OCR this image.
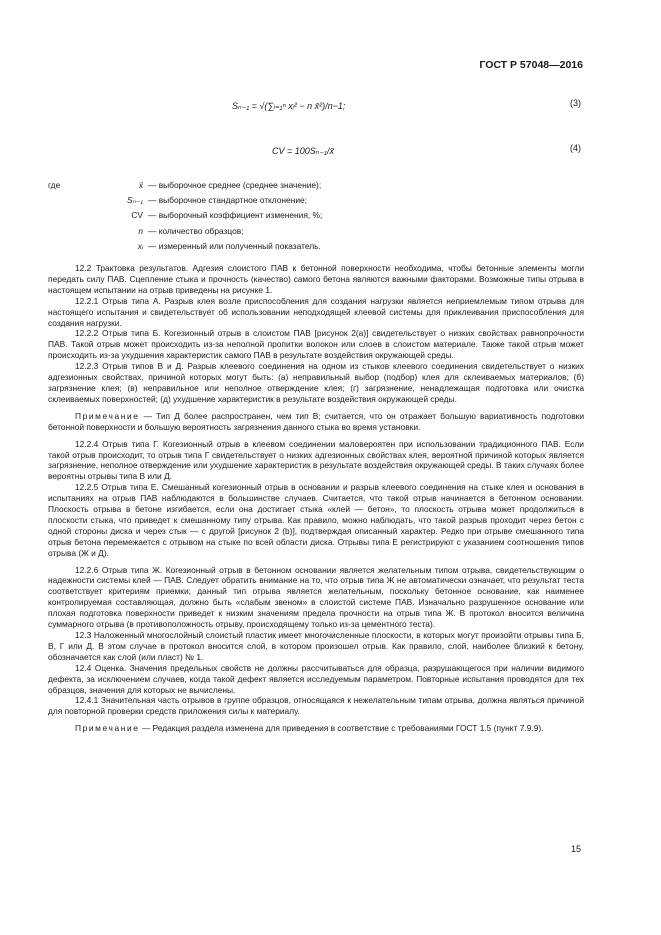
ГОСТ Р 57048—2016
Sₙ₋₁ = √(∑ᵢ₌₁ⁿ xᵢ² − n x̄²)/n−1;	(3)
CV = 100Sₙ₋₁/x̄	(4)
где	x̄ — выборочное среднее (среднее значение);
Sₙ₋₁ — выборочное стандартное отклонение;
CV — выборочный коэффициент изменения, %;
n — количество образцов;
xᵢ — измеренный или полученный показатель.

12.2 Трактовка результатов. Адгезия слоистого ПАВ к бетонной поверхности необходима, чтобы бетонные элементы могли передать силу ПАВ. Сцепление стыка и прочность (качество) самого бетона являются важными факторами. Возможные типы отрыва в настоящем испытании на отрыв приведены на рисунке 1.

12.2.1 Отрыв типа А. Разрыв клея возле приспособления для создания нагрузки является неприемлемым типом отрыва для настоящего испытания и свидетельствует об использовании неподходящей клеевой системы для приклеивания приспособления для создания нагрузки.

12.2.2 Отрыв типа Б. Когезионный отрыв в слоистом ПАВ [рисунок 2(а)] свидетельствует о низких свойствах равнопрочности ПАВ. Такой отрыв может происходить из-за неполной пропитки волокон или слоев в слоистом материале. Также такой отрыв может происходить из-за ухудшения характеристик самого ПАВ в результате воздействия окружающей среды.

12.2.3 Отрыв типов В и Д. Разрыв клеевого соединения на одном из стыков клеевого соединения свидетельствует о низких адгезионных свойствах, причиной которых могут быть: (а) неправильный выбор (подбор) клея для склеиваемых материалов; (б) загрязнение клея; (в) неправильное или неполное отверждение клея; (г) загрязнение, ненадлежащая подготовка или очистка склеиваемых поверхностей; (д) ухудшение характеристик в результате воздействия окружающей среды.

Примечание — Тип Д более распространен, чем тип В; считается, что он отражает большую вариативность подготовки бетонной поверхности и большую вероятность загрязнения данного стыка во время установки.

12.2.4 Отрыв типа Г. Когезионный отрыв в клеевом соединении маловероятен при использовании традиционного ПАВ. Если такой отрыв происходит, то отрыв типа Г свидетельствует о низких адгезионных свойствах клея, вероятной причиной которых является загрязнение, неполное отверждение или ухудшение характеристик в результате воздействия окружающей среды. В таких случаях более вероятны отрывы типа В или Д.

12.2.5 Отрыв типа Е. Смешанный когезионный отрыв в основании и разрыв клеевого соединения на стыке клея и основания в испытаниях на отрыв ПАВ наблюдаются в большинстве случаев. Считается, что такой отрыв начинается в бетонном основании. Плоскость отрыва в бетоне изгибается, если она достигает стыка «клей — бетон», то плоскость отрыва может продолжиться в плоскости стыка, что приведет к смешанному типу отрыва. Как правило, можно наблюдать, что такой разрыв проходит через бетон с одной стороны диска и через стык — с другой [рисунок 2 (b)], подтверждая описанный характер. Редко при отрыве смешанного типа отрыв бетона перемежается с отрывом на стыке по всей области диска. Отрывы типа Е регистрируют с указанием соотношения типов отрыва (Ж и Д).

12.2.6 Отрыв типа Ж. Когезионный отрыв в бетонном основании является желательным типом отрыва, свидетельствующим о надежности системы клей — ПАВ. Следует обратить внимание на то, что отрыв типа Ж не автоматически означает, что результат теста соответствует критериям приемки; данный тип отрыва является желательным, поскольку бетонное основание, как наименее контролируемая составляющая, должно быть «слабым звеном» в слоистой системе ПАВ. Изначально разрушенное основание или плохая подготовка поверхности приведет к низким значениям предела прочности на отрыв типа Ж. В протокол вносится величина суммарного отрыва (в противоположность отрыву, происходящему только из-за цементного теста).

12.3 Наложенный многослойный слоистый пластик имеет многочисленные плоскости, в которых могут произойти отрывы типа Б, В, Г или Д. В этом случае в протокол вносится слой, в котором произошел отрыв. Как правило, слой, наиболее близкий к бетону, обозначается как слой (или пласт) № 1.

12.4 Оценка. Значения предельных свойств не должны рассчитываться для образца, разрушающегося при наличии видимого дефекта, за исключением случаев, когда такой дефект является исследуемым параметром. Повторные испытания проводятся для тех образцов, значения для которых не вычислены.

12.4.1 Значительная часть отрывов в группе образцов, относящаяся к нежелательным типам отрыва, должна являться причиной для повторной проверки средств приложения силы к материалу.

Примечание — Редакция раздела изменена для приведения в соответствие с требованиями ГОСТ 1.5 (пункт 7.9.9).

15
